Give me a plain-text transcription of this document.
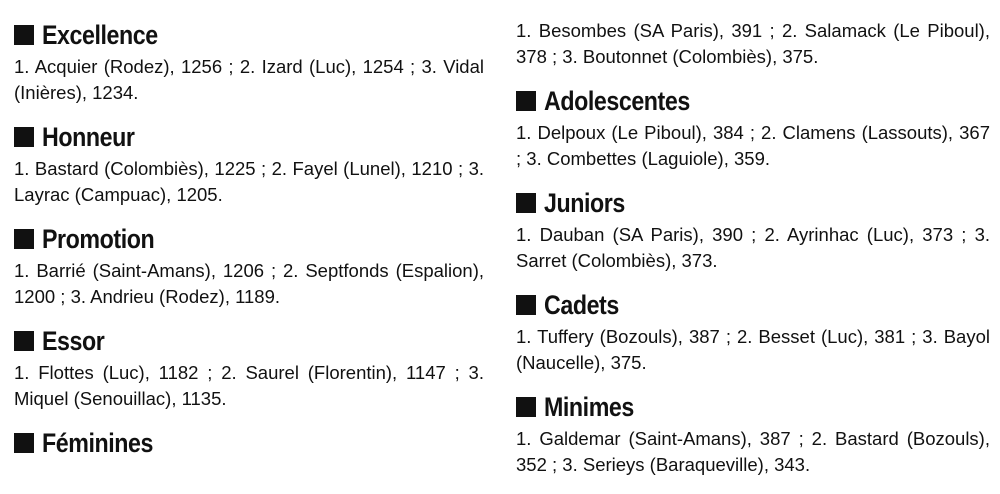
Excellence

1. Acquier (Rodez), 1256 ; 2. Izard (Luc), 1254 ; 3. Vidal (Inières), 1234.

Honneur

1. Bastard (Colombiès), 1225 ; 2. Fayel (Lunel), 1210 ; 3. Layrac (Campuac), 1205.

Promotion

1. Barrié (Saint-Amans), 1206 ; 2. Septfonds (Espalion), 1200 ; 3. Andrieu (Rodez), 1189.

Essor

1. Flottes (Luc), 1182 ; 2. Saurel (Florentin), 1147 ; 3. Miquel (Senouillac), 1135.

Féminines

1. Besombes (SA Paris), 391 ; 2. Salamack (Le Piboul), 378 ; 3. Boutonnet (Colombiès), 375.

Adolescentes

1. Delpoux (Le Piboul), 384 ; 2. Clamens (Lassouts), 367 ; 3. Combettes (Laguiole), 359.

Juniors

1. Dauban (SA Paris), 390 ; 2. Ayrinhac (Luc), 373 ; 3. Sarret (Colombiès), 373.

Cadets

1. Tuffery (Bozouls), 387 ; 2. Besset (Luc), 381 ; 3. Bayol (Naucelle), 375.

Minimes

1. Galdemar (Saint-Amans), 387 ; 2. Bastard (Bozouls), 352 ; 3. Serieys (Baraqueville), 343.
